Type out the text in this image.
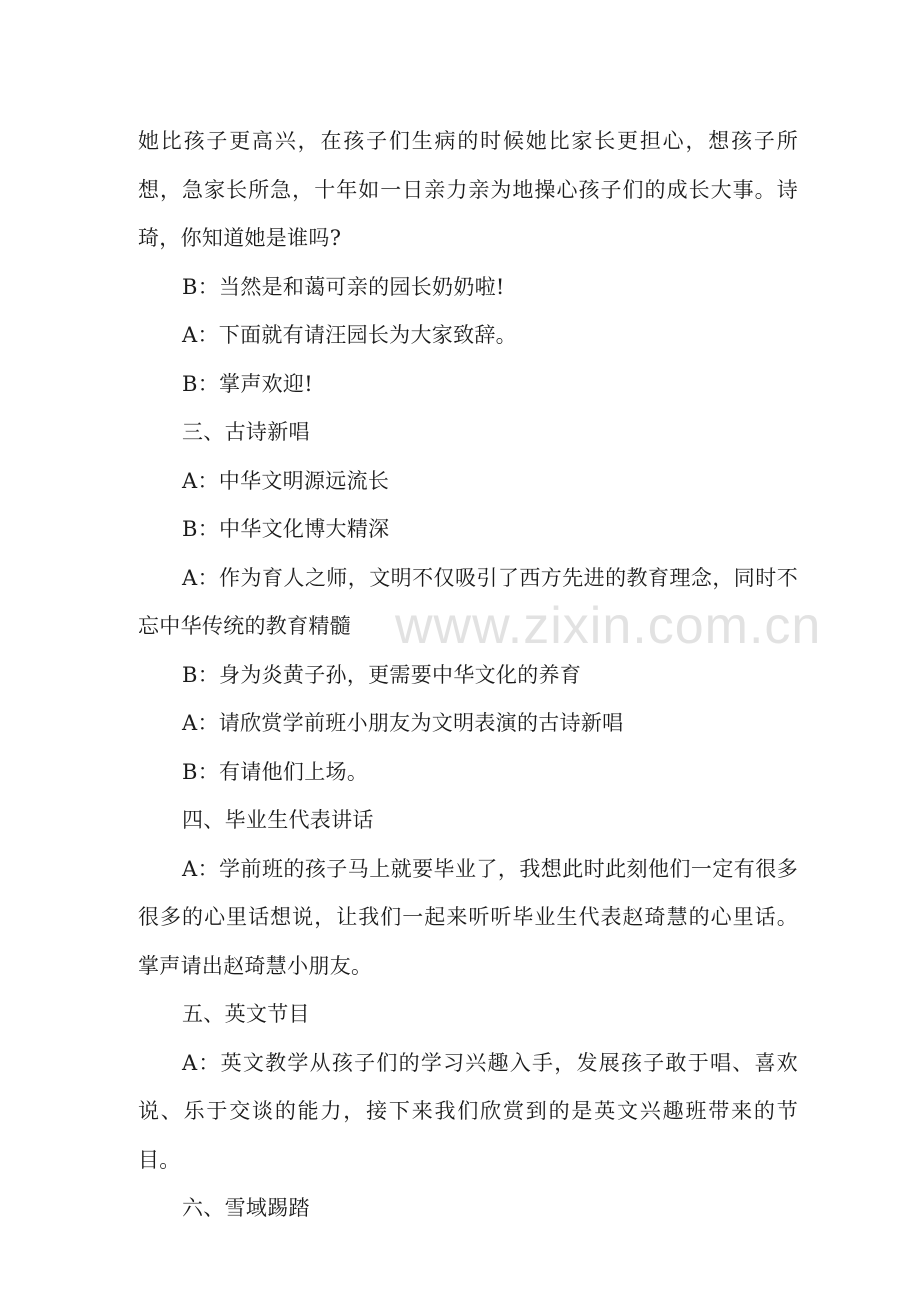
她比孩子更高兴，在孩子们生病的时候她比家长更担心，想孩子所想，急家长所急，十年如一日亲力亲为地操心孩子们的成长大事。诗琦，你知道她是谁吗?

B：当然是和蔼可亲的园长奶奶啦!

A：下面就有请汪园长为大家致辞。

B：掌声欢迎!

三、古诗新唱

A：中华文明源远流长

B：中华文化博大精深

A：作为育人之师，文明不仅吸引了西方先进的教育理念，同时不忘中华传统的教育精髓

B：身为炎黄子孙，更需要中华文化的养育

A：请欣赏学前班小朋友为文明表演的古诗新唱

B：有请他们上场。

四、毕业生代表讲话

A：学前班的孩子马上就要毕业了，我想此时此刻他们一定有很多很多的心里话想说，让我们一起来听听毕业生代表赵琦慧的心里话。掌声请出赵琦慧小朋友。

五、英文节目

A：英文教学从孩子们的学习兴趣入手，发展孩子敢于唱、喜欢说、乐于交谈的能力，接下来我们欣赏到的是英文兴趣班带来的节目。

六、雪域踢踏

www.zixin.com.cn
